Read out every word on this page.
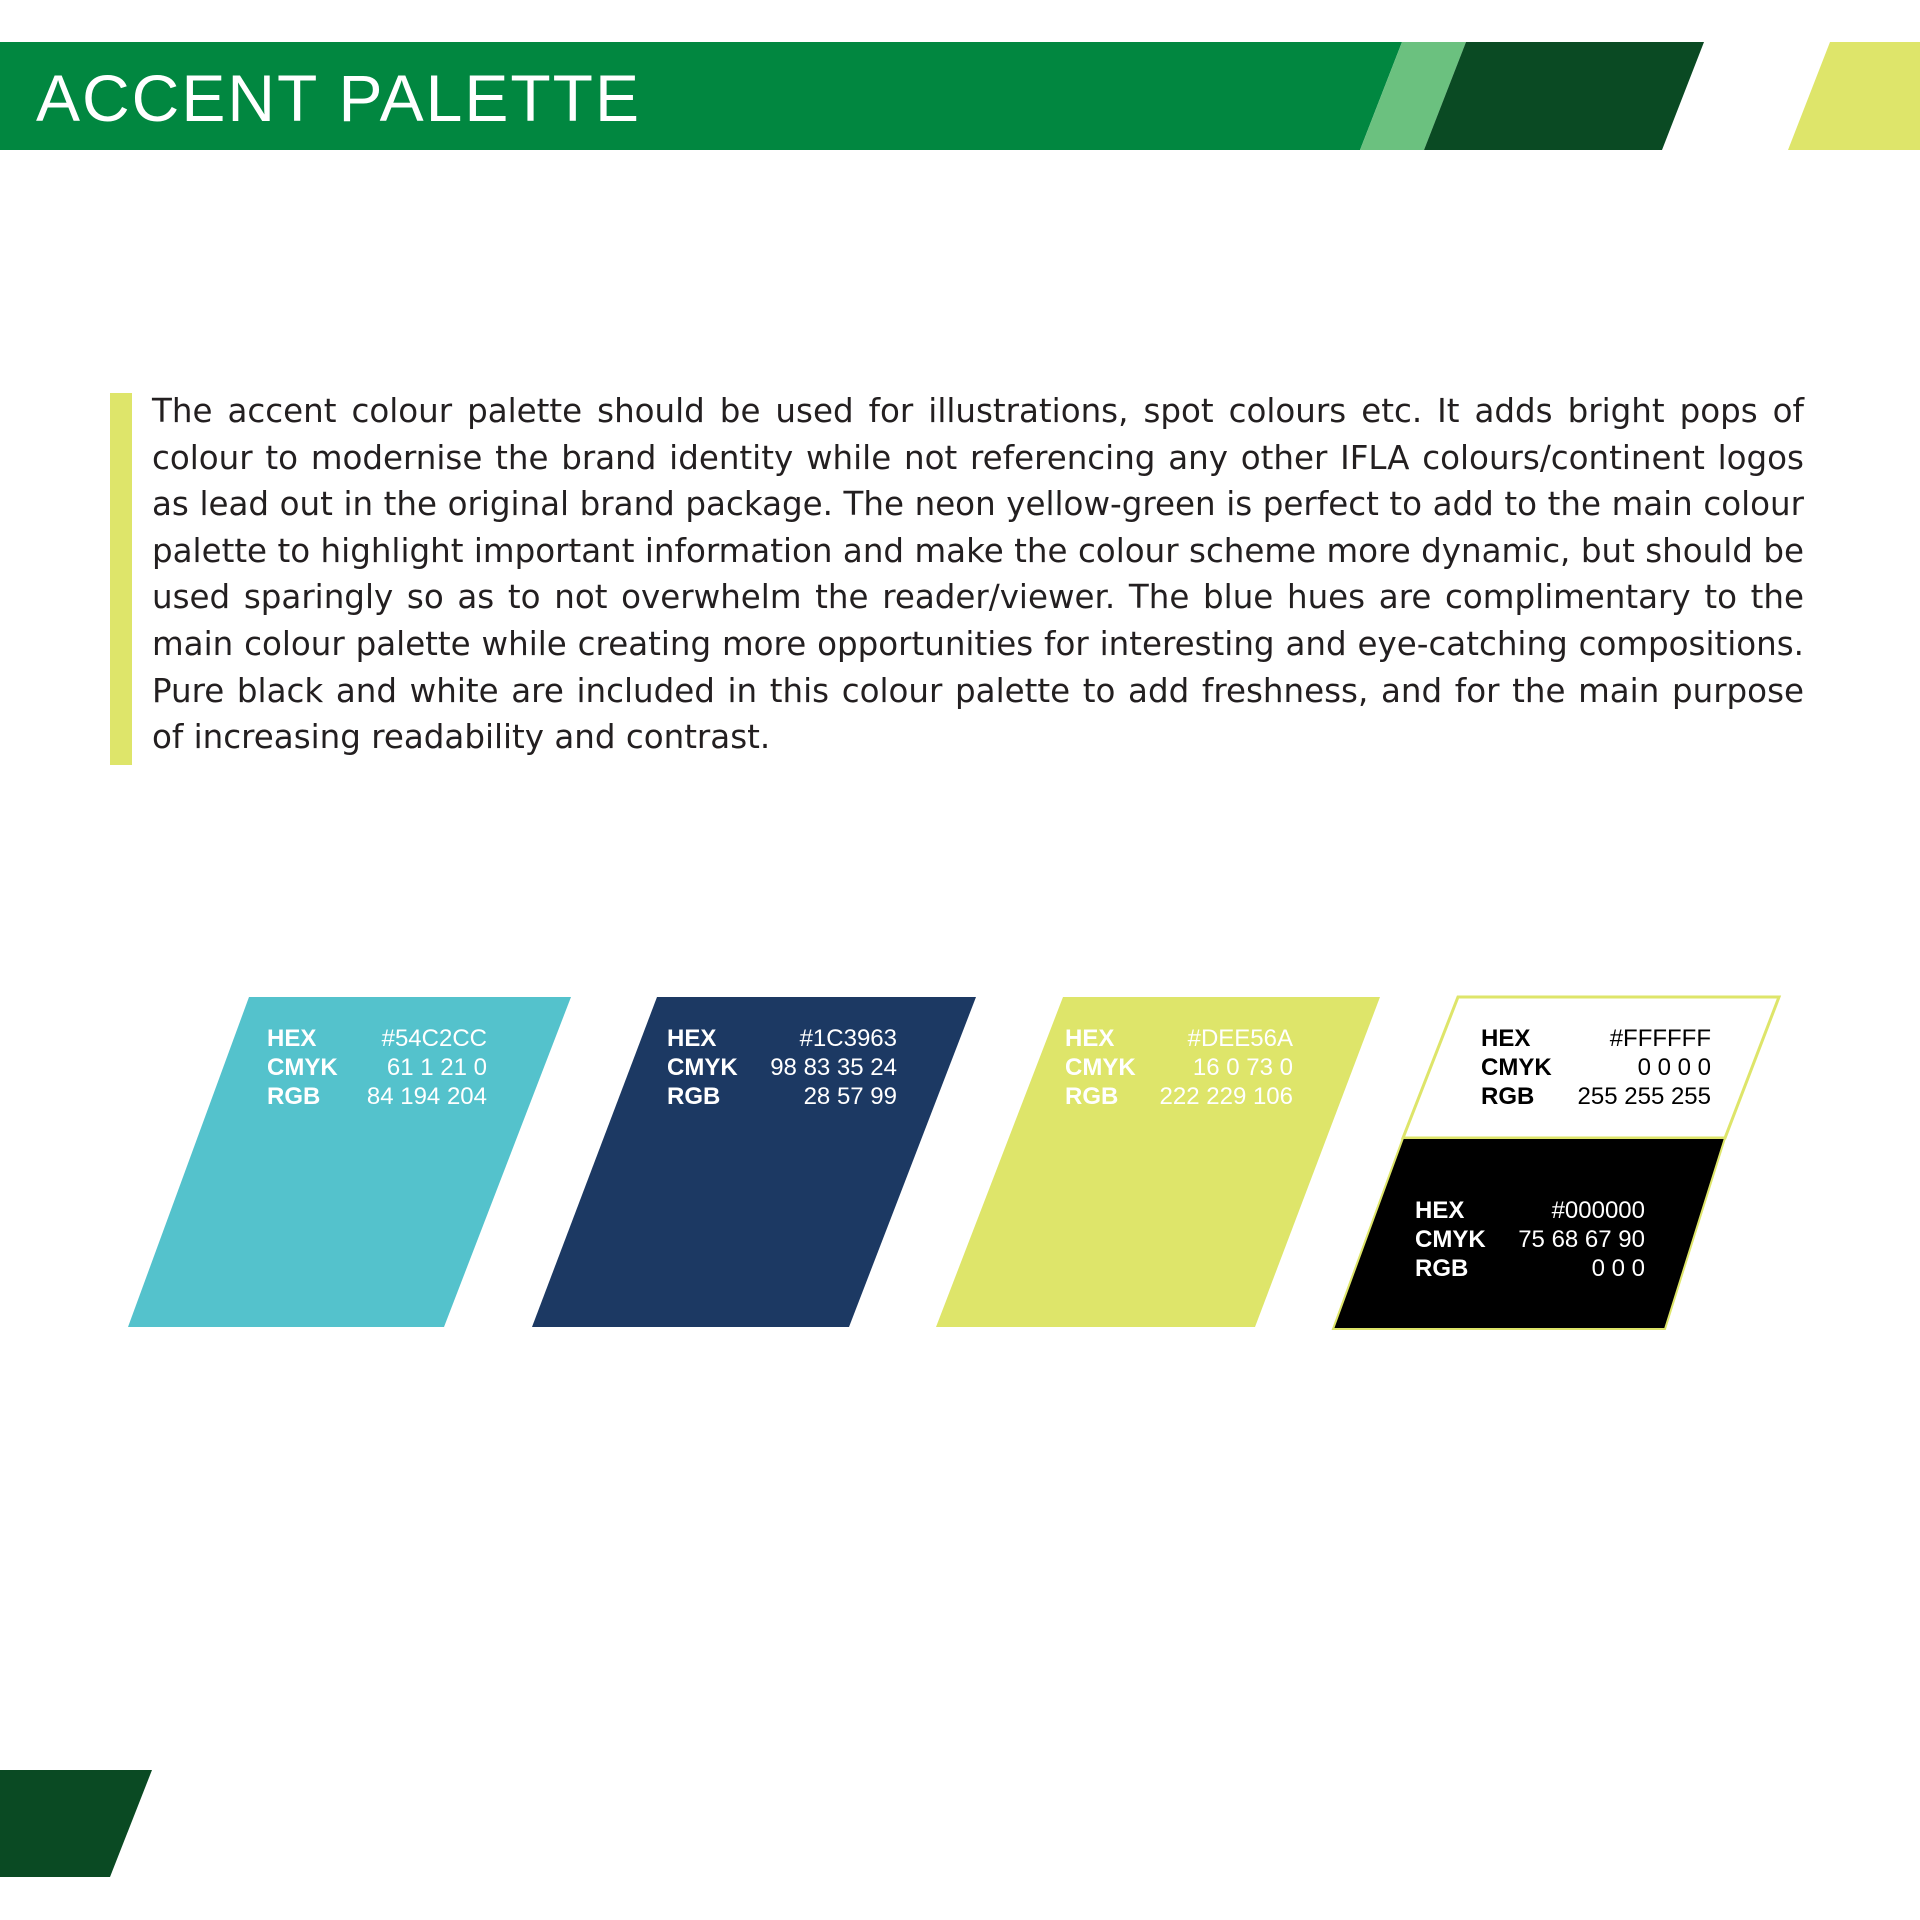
ACCENT PALETTE
The accent colour palette should be used for illustrations, spot colours etc. It adds bright pops of colour to modernise the brand identity while not referencing any other IFLA colours/continent logos as lead out in the original brand package. The neon yellow-green is perfect to add to the main colour palette to highlight important information and make the colour scheme more dynamic, but should be used sparingly so as to not overwhelm the reader/viewer. The blue hues are complimentary to the main colour palette while creating more opportunities for interesting and eye-catching compositions. Pure black and white are included in this colour palette to add freshness, and for the main purpose of increasing readability and contrast.
HEX	#54C2CC
CMYK 61 1 21 0
RGB 84 194 204
HEX	#1C3963
CMYK 98 83 35 24
RGB	28 57 99
HEX	#DEE56A
CMYK 16 0 73 0
RGB 222 229 106
HEX	#FFFFFF
CMYK	0 0 0 0
RGB 255 255 255
HEX	#000000
CMYK 75 68 67 90
RGB	0 0 0
